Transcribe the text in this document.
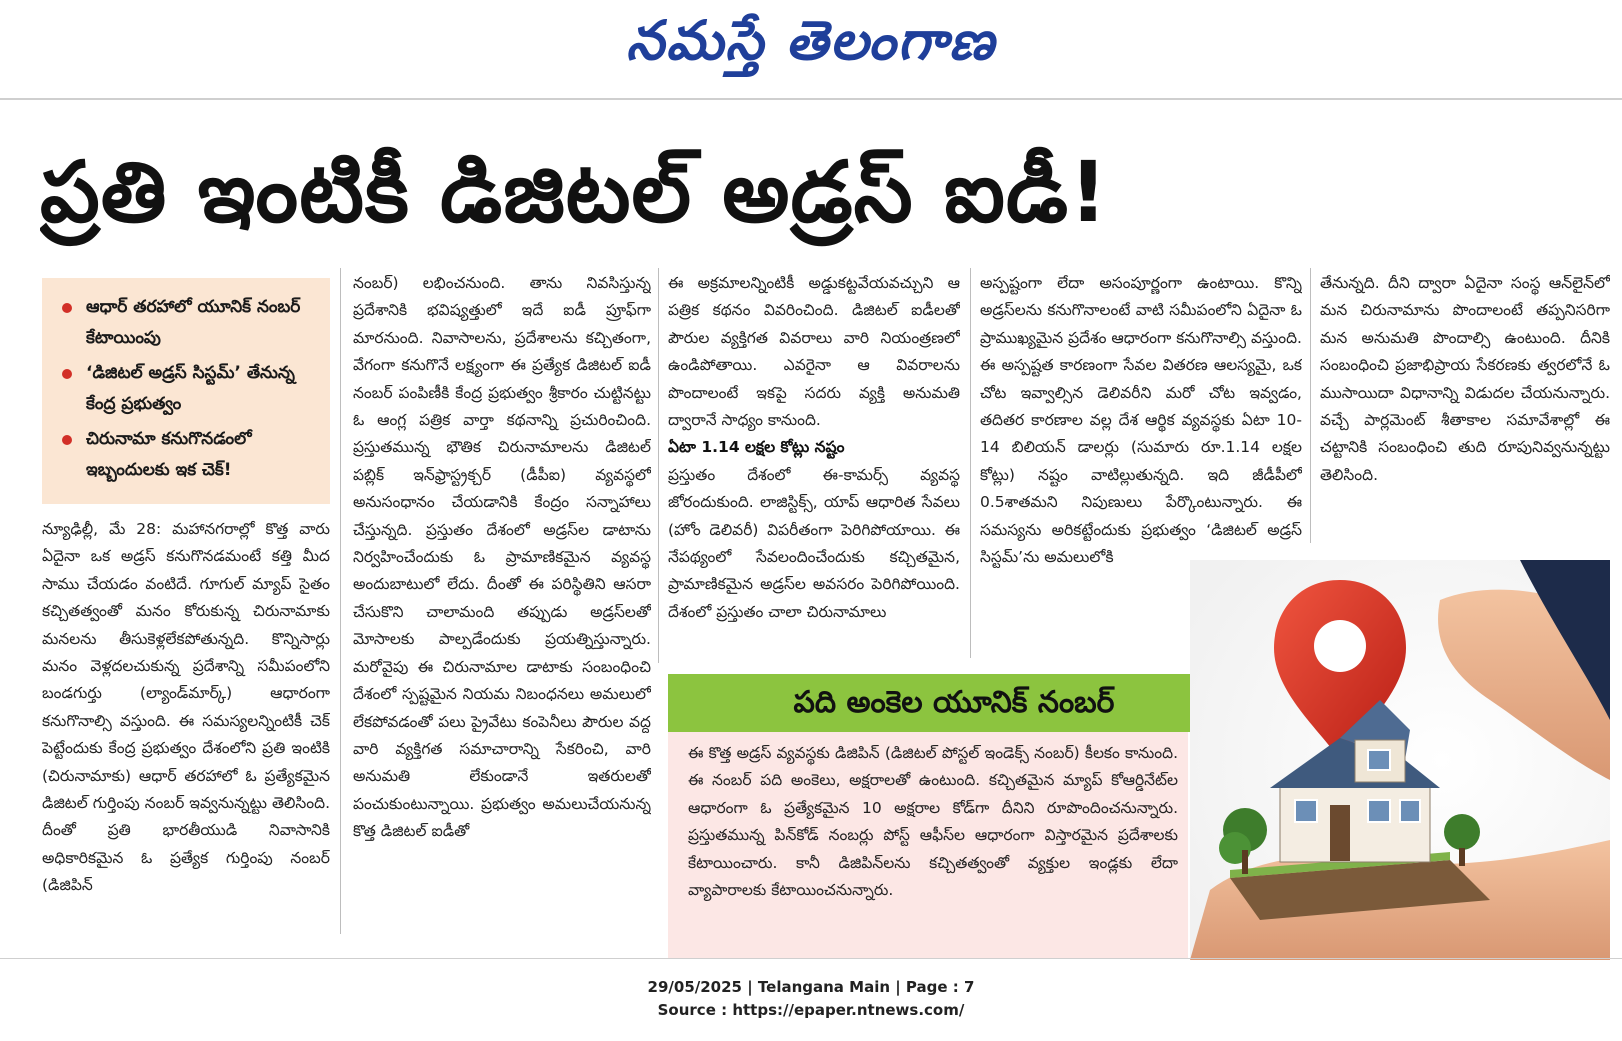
నమస్తే తెలంగాణ
ప్రతి ఇంటికీ డిజిటల్ అడ్రస్ ఐడీ!
ఆధార్ తరహాలో యూనిక్ నంబర్ కేటాయింపు
‘డిజిటల్ అడ్రస్ సిస్టమ్’ తేనున్న కేంద్ర ప్రభుత్వం
చిరునామా కనుగొనడంలో ఇబ్బందులకు ఇక చెక్!
న్యూఢిల్లీ, మే 28: మహానగరాల్లో కొత్త వారు ఏదైనా ఒక అడ్రస్ కనుగొనడమంటే కత్తి మీద సాము చేయడం వంటిదే. గూగుల్ మ్యాప్ సైతం కచ్చితత్వంతో మనం కోరుకున్న చిరునామాకు మనలను తీసుకెళ్లలేకపోతున్నది. కొన్నిసార్లు మనం వెళ్లదలచుకున్న ప్రదేశాన్ని సమీపంలోని బండగుర్తు (ల్యాండ్‌మార్క్) ఆధారంగా కనుగొనాల్సి వస్తుంది. ఈ సమస్యలన్నింటికీ చెక్ పెట్టేందుకు కేంద్ర ప్రభుత్వం దేశంలోని ప్రతి ఇంటికి (చిరునామాకు) ఆధార్ తరహాలో ఓ ప్రత్యేకమైన డిజిటల్ గుర్తింపు నంబర్ ఇవ్వనున్నట్టు తెలిసింది. దీంతో ప్రతి భారతీయుడి నివాసానికి అధికారికమైన ఓ ప్రత్యేక గుర్తింపు నంబర్ (డిజిపిన్
నంబర్) లభించనుంది. తాను నివసిస్తున్న ప్రదేశానికి భవిష్యత్తులో ఇదే ఐడీ ప్రూఫ్‌గా మారనుంది. నివాసాలను, ప్రదేశాలను కచ్చితంగా, వేగంగా కనుగొనే లక్ష్యంగా ఈ ప్రత్యేక డిజిటల్ ఐడీ నంబర్ పంపిణీకి కేంద్ర ప్రభుత్వం శ్రీకారం చుట్టినట్టు ఓ ఆంగ్ల పత్రిక వార్తా కథనాన్ని ప్రచురించింది. ప్రస్తుతమున్న భౌతిక చిరునామాలను డిజిటల్ పబ్లిక్ ఇన్‌ఫ్రాస్ట్రక్చర్ (డీపీఐ) వ్యవస్థలో అనుసంధానం చేయడానికి కేంద్రం సన్నాహాలు చేస్తున్నది. ప్రస్తుతం దేశంలో అడ్రస్‌ల డాటాను నిర్వహించేందుకు ఓ ప్రామాణికమైన వ్యవస్థ అందుబాటులో లేదు. దీంతో ఈ పరిస్థితిని ఆసరా చేసుకొని చాలామంది తప్పుడు అడ్రస్‌లతో మోసాలకు పాల్పడేందుకు ప్రయత్నిస్తున్నారు. మరోవైపు ఈ చిరునామాల డాటాకు సంబంధించి దేశంలో స్పష్టమైన నియమ నిబంధనలు అమలులో లేకపోవడంతో పలు ప్రైవేటు కంపెనీలు పౌరుల వద్ద వారి వ్యక్తిగత సమాచారాన్ని సేకరించి, వారి అనుమతి లేకుండానే ఇతరులతో పంచుకుంటున్నాయి. ప్రభుత్వం అమలుచేయనున్న కొత్త డిజిటల్ ఐడీతో
ఈ అక్రమాలన్నింటికీ అడ్డుకట్టవేయవచ్చుని ఆ పత్రిక కథనం వివరించింది. డిజిటల్ ఐడీలతో పౌరుల వ్యక్తిగత వివరాలు వారి నియంత్రణలో ఉండిపోతాయి. ఎవరైనా ఆ వివరాలను పొందాలంటే ఇకపై సదరు వ్యక్తి అనుమతి ద్వారానే సాధ్యం కానుంది.
ఏటా 1.14 లక్షల కోట్లు నష్టం
ప్రస్తుతం దేశంలో ఈ-కామర్స్ వ్యవస్థ జోరందుకుంది. లాజిస్టిక్స్, యాప్ ఆధారిత సేవలు (హోం డెలివరీ) విపరీతంగా పెరిగిపోయాయి. ఈ నేపథ్యంలో సేవలందించేందుకు కచ్చితమైన, ప్రామాణికమైన అడ్రస్‌ల అవసరం పెరిగిపోయింది. దేశంలో ప్రస్తుతం చాలా చిరునామాలు
అస్పష్టంగా లేదా అసంపూర్ణంగా ఉంటాయి. కొన్ని అడ్రస్‌లను కనుగొనాలంటే వాటి సమీపంలోని ఏదైనా ఓ ప్రాముఖ్యమైన ప్రదేశం ఆధారంగా కనుగొనాల్సి వస్తుంది. ఈ అస్పష్టత కారణంగా సేవల వితరణ ఆలస్యమై, ఒక చోట ఇవ్వాల్సిన డెలివరీని మరో చోట ఇవ్వడం, తదితర కారణాల వల్ల దేశ ఆర్థిక వ్యవస్థకు ఏటా 10-14 బిలియన్ డాలర్లు (సుమారు రూ.1.14 లక్షల కోట్లు) నష్టం వాటిల్లుతున్నది. ఇది జీడీపీలో 0.5శాతమని నిపుణులు పేర్కొంటున్నారు. ఈ సమస్యను అరికట్టేందుకు ప్రభుత్వం ‘డిజిటల్ అడ్రస్ సిస్టమ్’ను అమలులోకి
తేనున్నది. దీని ద్వారా ఏదైనా సంస్థ ఆన్‌లైన్‌లో మన చిరునామాను పొందాలంటే తప్పనిసరిగా మన అనుమతి పొందాల్సి ఉంటుంది. దీనికి సంబంధించి ప్రజాభిప్రాయ సేకరణకు త్వరలోనే ఓ ముసాయిదా విధానాన్ని విడుదల చేయనున్నారు. వచ్చే పార్లమెంట్ శీతాకాల సమావేశాల్లో ఈ చట్టానికి సంబంధించి తుది రూపునివ్వనున్నట్టు తెలిసింది.
పది అంకెల యూనిక్ నంబర్
ఈ కొత్త అడ్రస్ వ్యవస్థకు డిజిపిన్ (డిజిటల్ పోస్టల్ ఇండెక్స్ నంబర్) కీలకం కానుంది. ఈ నంబర్ పది అంకెలు, అక్షరాలతో ఉంటుంది. కచ్చితమైన మ్యాప్ కోఆర్డినేట్‌ల ఆధారంగా ఓ ప్రత్యేకమైన 10 అక్షరాల కోడ్‌గా దీనిని రూపొందించనున్నారు. ప్రస్తుతమున్న పిన్‌కోడ్ నంబర్లు పోస్ట్ ఆఫీస్‌ల ఆధారంగా విస్తారమైన ప్రదేశాలకు కేటాయించారు. కానీ డిజిపిన్‌లను కచ్చితత్వంతో వ్యక్తుల ఇండ్లకు లేదా వ్యాపారాలకు కేటాయించనున్నారు.
29/05/2025 | Telangana Main | Page : 7
Source : https://epaper.ntnews.com/
